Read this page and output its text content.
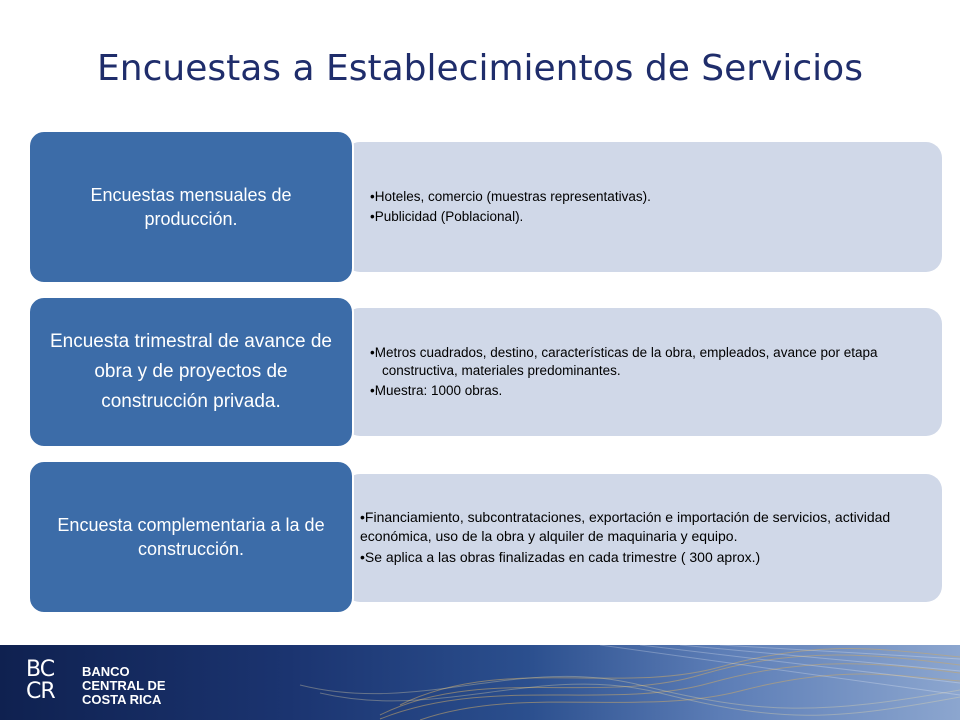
Encuestas a Establecimientos de Servicios
•Hoteles, comercio (muestras representativas).
•Publicidad (Poblacional).
Encuestas mensuales de producción.
•Metros cuadrados, destino, características de la obra, empleados, avance por etapa constructiva, materiales predominantes.
•Muestra: 1000 obras.
Encuesta trimestral de avance de obra y de proyectos de construcción privada.
•Financiamiento, subcontrataciones, exportación e importación de servicios, actividad económica, uso de la obra y alquiler de maquinaria y equipo.
•Se aplica a las obras finalizadas en cada trimestre ( 300 aprox.)
Encuesta complementaria a la de construcción.
BC
CR
BANCO
CENTRAL DE
COSTA RICA
